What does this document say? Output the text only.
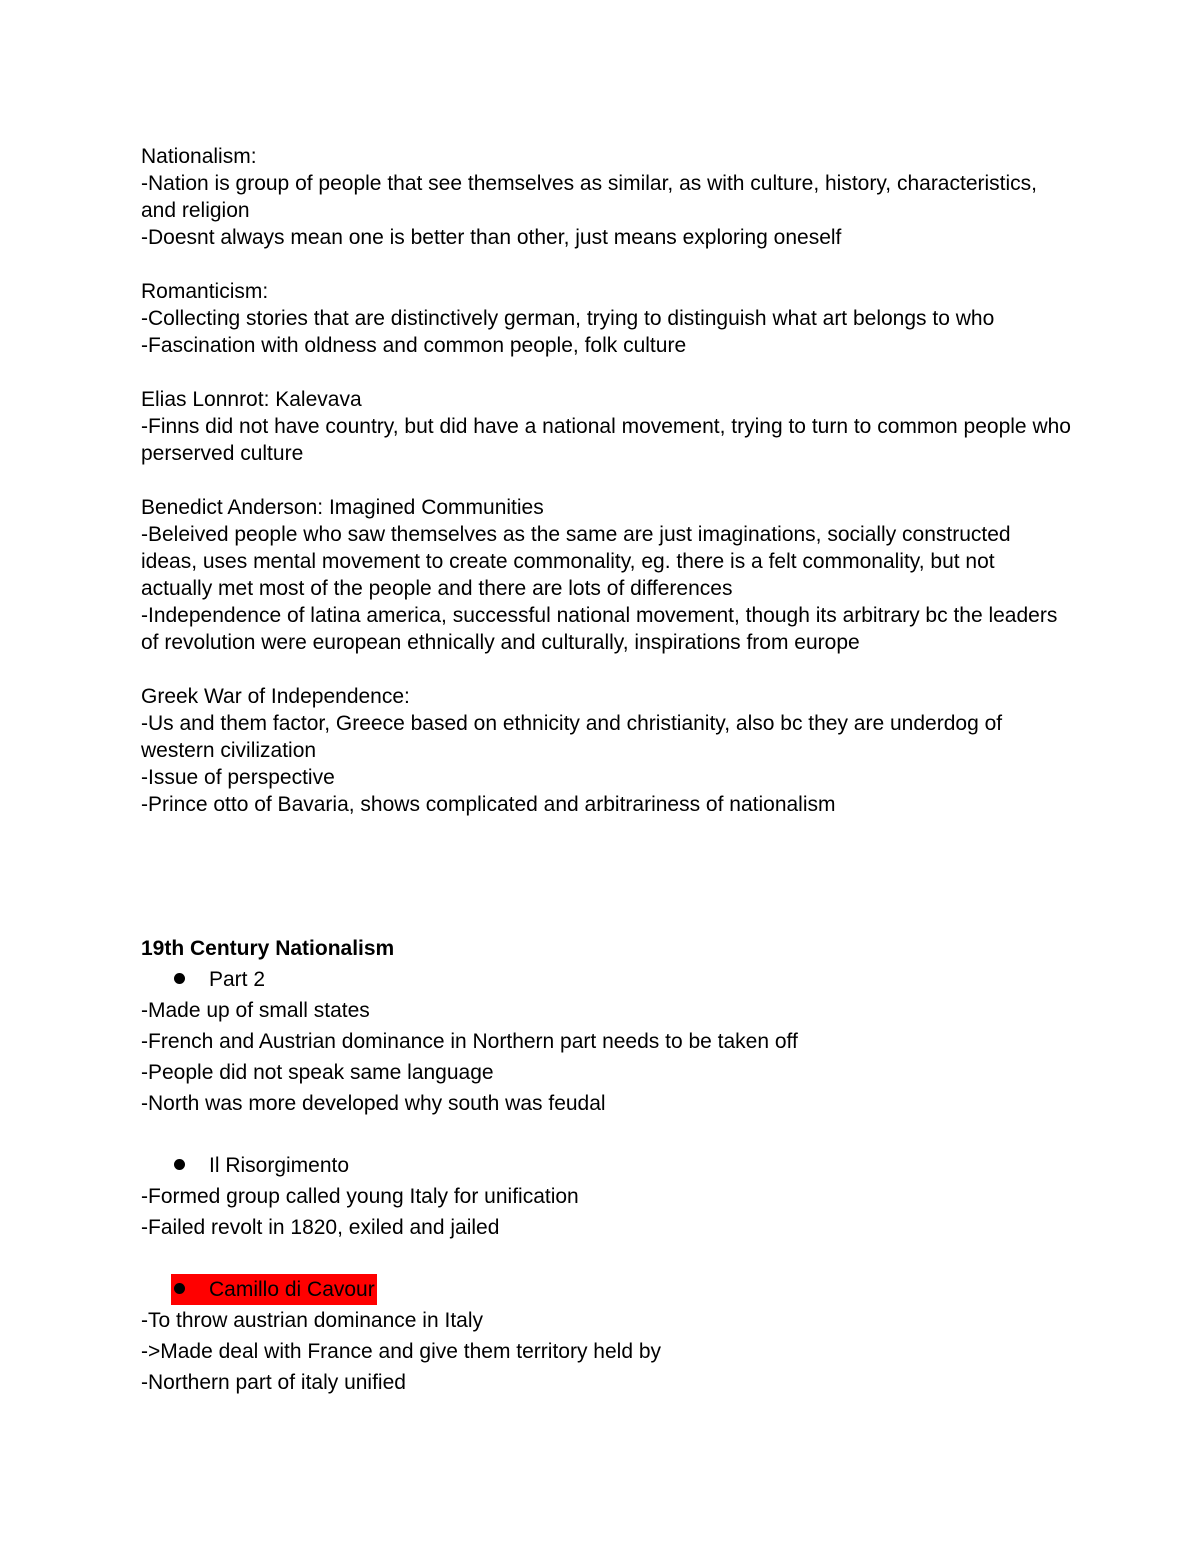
Nationalism:

-Nation is group of people that see themselves as similar, as with culture, history, characteristics, and religion

-Doesnt always mean one is better than other, just means exploring oneself

Romanticism:

-Collecting stories that are distinctively german, trying to distinguish what art belongs to who

-Fascination with oldness and common people, folk culture

Elias Lonnrot: Kalevava

-Finns did not have country, but did have a national movement, trying to turn to common people who perserved culture

Benedict Anderson: Imagined Communities

-Beleived people who saw themselves as the same are just imaginations, socially constructed ideas, uses mental movement to create commonality, eg. there is a felt commonality, but not actually met most of the people and there are lots of differences

-Independence of latina america, successful national movement, though its arbitrary bc the leaders of revolution were european ethnically and culturally, inspirations from europe

Greek War of Independence:

-Us and them factor, Greece based on ethnicity and christianity, also bc they are underdog of western civilization

-Issue of perspective

-Prince otto of Bavaria, shows complicated and arbitrariness of nationalism

19th Century Nationalism

Part 2

-Made up of small states

-French and Austrian dominance in Northern part needs to be taken off

-People did not speak same language

-North was more developed why south was feudal

Il Risorgimento

-Formed group called young Italy for unification

-Failed revolt in 1820, exiled and jailed

Camillo di Cavour

-To throw austrian dominance in Italy

->Made deal with France and give them territory held by

-Northern part of italy unified
